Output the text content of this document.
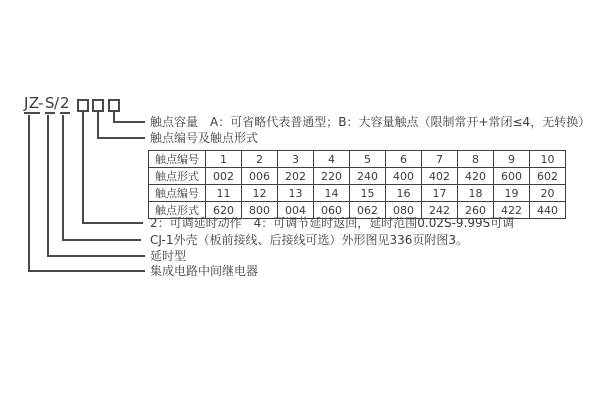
JZ
- S
/ 2
触点容量　A：可省略代表普通型；B：大容量触点（限制常开+常闭≤4，无转换）
触点编号及触点形式
2：可调延时动作　4：可调节延时返回，延时范围0.02S-9.99S可调
CJ-1外壳（板前接线、后接线可选）外形图见336页附图3。
延时型
集成电路中间继电器
触点编号	1	2	3	4	5	6	7	8	9	10
触点形式	002	006	202	220	240	400	402	420	600	602
触点编号	11	12	13	14	15	16	17	18	19	20
触点形式	620	800	004	060	062	080	242	260	422	440
